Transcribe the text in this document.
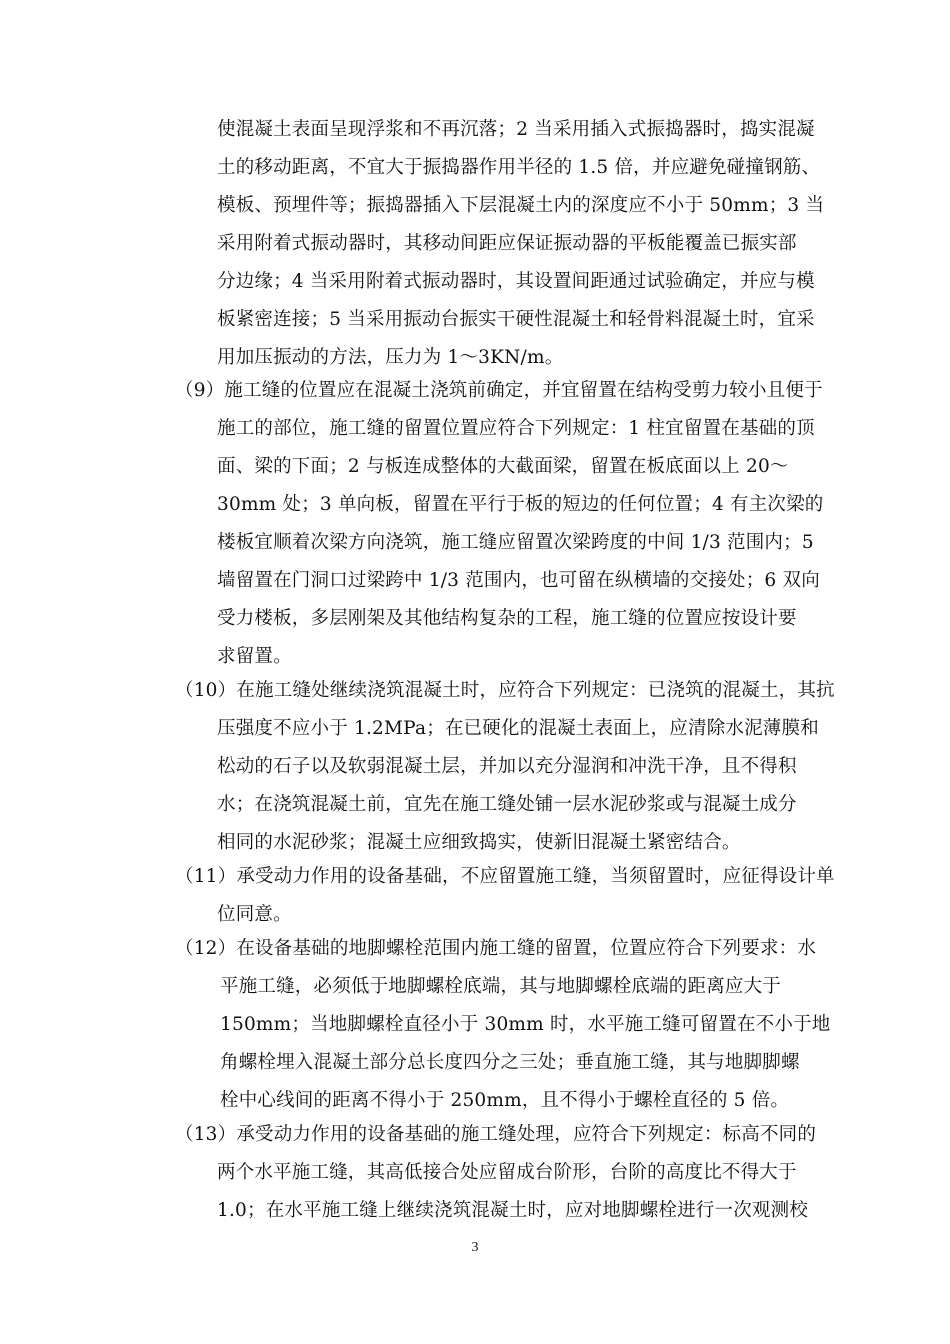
使混凝土表面呈现浮浆和不再沉落；2 当采用插入式振捣器时，捣实混凝
土的移动距离，不宜大于振捣器作用半径的 1.5 倍，并应避免碰撞钢筋、
模板、预埋件等；振捣器插入下层混凝土内的深度应不小于 50mm；3 当
采用附着式振动器时，其移动间距应保证振动器的平板能覆盖已振实部
分边缘；4 当采用附着式振动器时，其设置间距通过试验确定，并应与模
板紧密连接；5 当采用振动台振实干硬性混凝土和轻骨料混凝土时，宜采
用加压振动的方法，压力为 1～3KN/m。
（9）施工缝的位置应在混凝土浇筑前确定，并宜留置在结构受剪力较小且便于
施工的部位，施工缝的留置位置应符合下列规定：1 柱宜留置在基础的顶
面、梁的下面；2 与板连成整体的大截面梁，留置在板底面以上 20～
30mm 处；3 单向板，留置在平行于板的短边的任何位置；4 有主次梁的
楼板宜顺着次梁方向浇筑，施工缝应留置次梁跨度的中间 1/3 范围内；5
墙留置在门洞口过梁跨中 1/3 范围内，也可留在纵横墙的交接处；6 双向
受力楼板，多层刚架及其他结构复杂的工程，施工缝的位置应按设计要
求留置。
（10）在施工缝处继续浇筑混凝土时，应符合下列规定：已浇筑的混凝土，其抗
压强度不应小于 1.2MPa；在已硬化的混凝土表面上，应清除水泥薄膜和
松动的石子以及软弱混凝土层，并加以充分湿润和冲洗干净，且不得积
水；在浇筑混凝土前，宜先在施工缝处铺一层水泥砂浆或与混凝土成分
相同的水泥砂浆；混凝土应细致捣实，使新旧混凝土紧密结合。
（11）承受动力作用的设备基础，不应留置施工缝，当须留置时，应征得设计单
位同意。
（12）在设备基础的地脚螺栓范围内施工缝的留置，位置应符合下列要求：水
平施工缝，必须低于地脚螺栓底端，其与地脚螺栓底端的距离应大于
150mm；当地脚螺栓直径小于 30mm 时，水平施工缝可留置在不小于地
角螺栓埋入混凝土部分总长度四分之三处；垂直施工缝，其与地脚脚螺
栓中心线间的距离不得小于 250mm，且不得小于螺栓直径的 5 倍。
（13）承受动力作用的设备基础的施工缝处理，应符合下列规定：标高不同的
两个水平施工缝，其高低接合处应留成台阶形，台阶的高度比不得大于
1.0；在水平施工缝上继续浇筑混凝土时，应对地脚螺栓进行一次观测校
3
